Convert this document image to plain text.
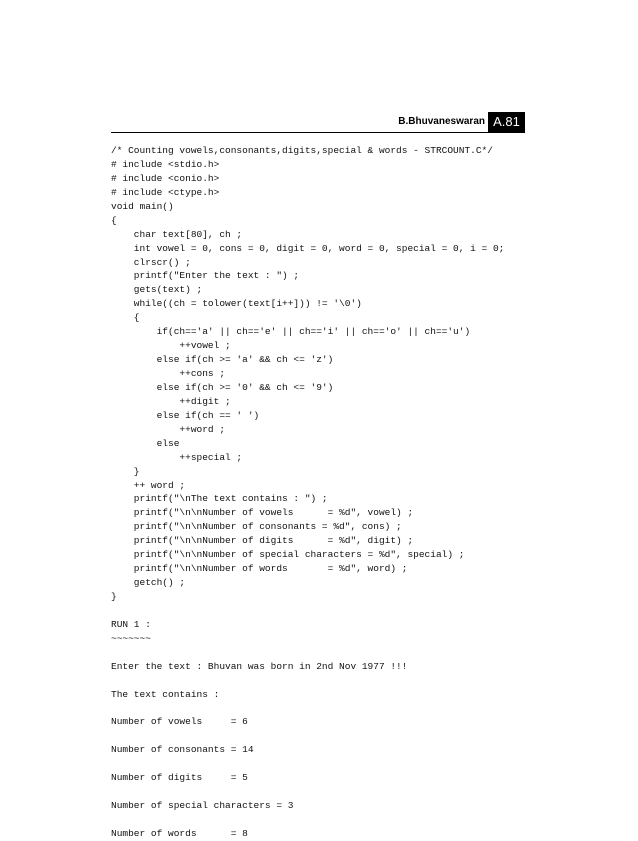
B.Bhuvaneswaran A.81
/* Counting vowels,consonants,digits,special & words - STRCOUNT.C*/
# include <stdio.h>
# include <conio.h>
# include <ctype.h>
void main()
{
char text[80], ch ;
int vowel = 0, cons = 0, digit = 0, word = 0, special = 0, i = 0;
clrscr() ;
printf("Enter the text : ") ;
gets(text) ;
while((ch = tolower(text[i++])) != '\0')
{
if(ch=='a' || ch=='e' || ch=='i' || ch=='o' || ch=='u')
++vowel ;
else if(ch >= 'a' && ch <= 'z')
++cons ;
else if(ch >= '0' && ch <= '9')
++digit ;
else if(ch == ' ')
++word ;
else
++special ;
}
++ word ;
printf("\nThe text contains : ") ;
printf("\n\nNumber of vowels      = %d", vowel) ;
printf("\n\nNumber of consonants = %d", cons) ;
printf("\n\nNumber of digits      = %d", digit) ;
printf("\n\nNumber of special characters = %d", special) ;
printf("\n\nNumber of words       = %d", word) ;
getch() ;
}
RUN 1 :
~~~~~~~
Enter the text : Bhuvan was born in 2nd Nov 1977 !!!
The text contains :
Number of vowels     = 6
Number of consonants = 14
Number of digits     = 5
Number of special characters = 3
Number of words      = 8
